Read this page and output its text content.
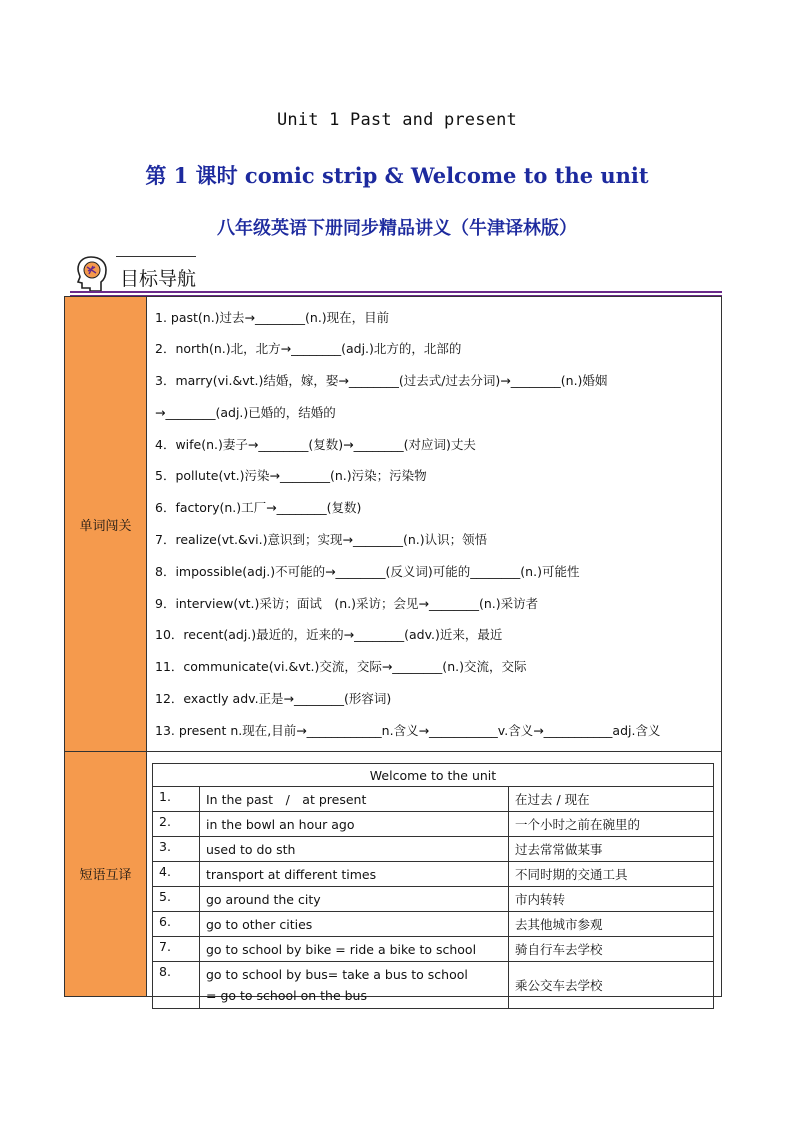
Unit 1 Past and present
第 1 课时 comic strip & Welcome to the unit
八年级英语下册同步精品讲义（牛津译林版）
目标导航
单词闯关
短语互译
1. past(n.)过去→________(n.)现在，目前
2．north(n.)北，北方→________(adj.)北方的，北部的
3．marry(vi.&vt.)结婚，嫁，娶→________(过去式/过去分词)→________(n.)婚姻
→________(adj.)已婚的，结婚的
4．wife(n.)妻子→________(复数)→________(对应词)丈夫
5．pollute(vt.)污染→________(n.)污染；污染物
6．factory(n.)工厂→________(复数)
7．realize(vt.&vi.)意识到；实现→________(n.)认识；领悟
8．impossible(adj.)不可能的→________(反义词)可能的________(n.)可能性
9．interview(vt.)采访；面试　(n.)采访；会见→________(n.)采访者
10．recent(adj.)最近的，近来的→________(adv.)近来，最近
11．communicate(vi.&vt.)交流，交际→________(n.)交流，交际
12．exactly adv.正是→________(形容词)
13. present n.现在,目前→____________n.含义→___________v.含义→___________adj.含义
Welcome to the unit		
1.	In the past　/　at present	在过去 / 现在
2.	in the bowl an hour ago	一个小时之前在碗里的
3.	used to do sth	过去常常做某事
4.	transport at different times	不同时期的交通工具
5.	go around the city	市内转转
6.	go to other cities	去其他城市参观
7.	go to school by bike = ride a bike to school	骑自行车去学校
8.	go to school by bus= take a bus to school
= go to school on the bus	乘公交车去学校
